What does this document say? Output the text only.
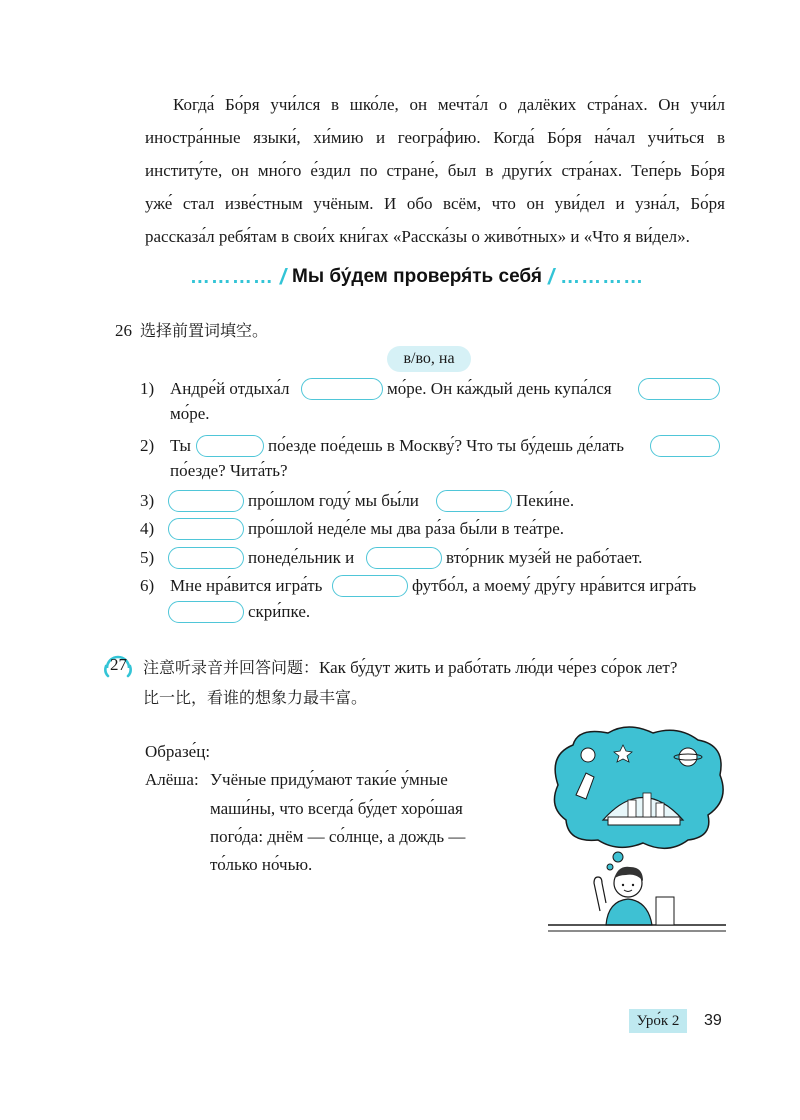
Когда́ Бо́ря учи́лся в шко́ле, он мечта́л о далёких стра́нах. Он учи́л
иностра́нные языки́, хи́мию и геогра́фию. Когда́ Бо́ря на́чал учи́ться в
институ́те, он мно́го е́здил по стране́, был в други́х стра́нах. Тепе́рь Бо́ря
уже́ стал изве́стным учёным. И обо всём, что он уви́дел и узна́л, Бо́ря
рассказа́л ребя́там в свои́х кни́гах «Расска́зы о живо́тных» и «Что я ви́дел».
………… / Мы бу́дем проверя́ть себя́ / …………
26 选择前置词填空。
в/во, на
1) Андре́й отдыха́л	мо́ре. Он ка́ждый день купа́лся
мо́ре.
2) Ты	по́езде пое́дешь в Москву́? Что ты бу́дешь де́лать
по́езде? Чита́ть?
3)	про́шлом году́ мы бы́ли	Пеки́не.
4)	про́шлой неде́ле мы два ра́за бы́ли в теа́тре.
5)	понеде́льник и	вто́рник музе́й не рабо́тает.
6) Мне нра́вится игра́ть	футбо́л, а моему́ дру́гу нра́вится игра́ть
скри́пке.
27 注意听录音并回答问题：Как бу́дут жить и рабо́тать лю́ди че́рез со́рок лет?
比一比，看谁的想象力最丰富。
Образе́ц:
Алёша: Учёные приду́мают таки́е у́мные
маши́ны, что всегда́ бу́дет хоро́шая
пого́да: днём — со́лнце, а дождь —
то́лько но́чью.
Уро́к 2	39
